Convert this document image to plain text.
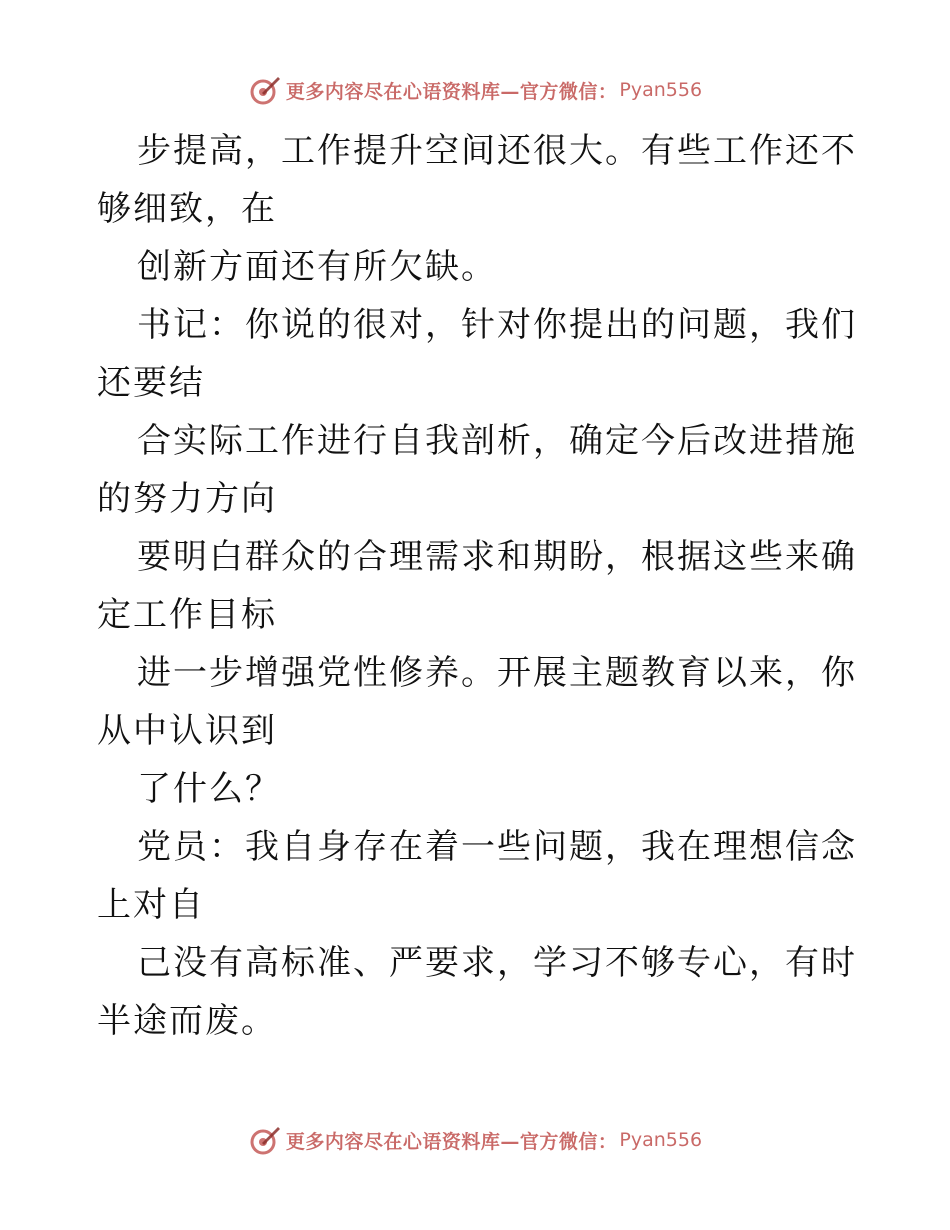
更多内容尽在心语资料库—官方微信： Pyan556

步提高，工作提升空间还很大。有些工作还不够细致，在

创新方面还有所欠缺。

书记：你说的很对，针对你提出的问题，我们还要结

合实际工作进行自我剖析，确定今后改进措施的努力方向

要明白群众的合理需求和期盼，根据这些来确定工作目标

进一步增强党性修养。开展主题教育以来，你从中认识到

了什么？

党员：我自身存在着一些问题，我在理想信念上对自

己没有高标准、严要求，学习不够专心，有时半途而废。

更多内容尽在心语资料库—官方微信： Pyan556
